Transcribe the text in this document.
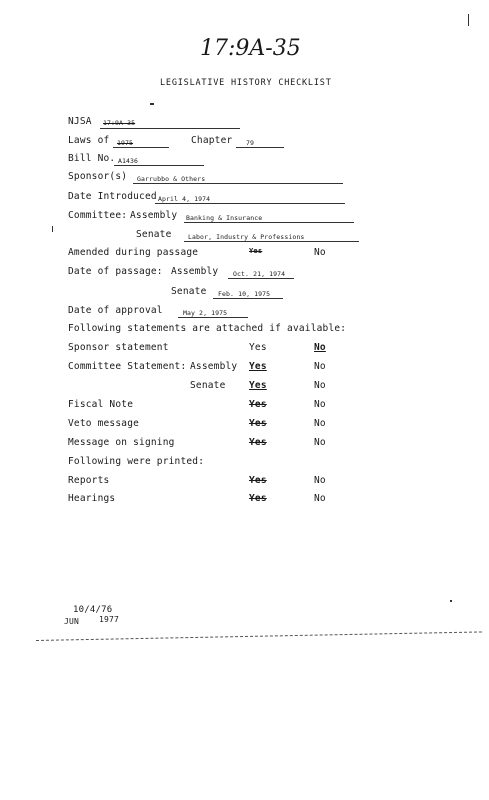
17:9A-35
LEGISLATIVE HISTORY CHECKLIST
NJSA 17:9A-35
Laws of 1975	Chapter 79
Bill No. A1436
Sponsor(s) Garrubbo & Others
Date Introduced April 4, 1974
Committee: Assembly Banking & Insurance
Senate	Labor, Industry & Professions
Amended during passage	Yes	No
Date of passage: Assembly Oct. 21, 1974
Senate Feb. 10, 1975
Date of approval	May 2, 1975
Following statements are attached if available:
Sponsor statement	Yes	No
Committee Statement: Assembly Yes	No
Senate Yes	No
Fiscal Note	Yes	No
Veto message	Yes	No
Message on signing	Yes	No
Following were printed:
Reports	Yes	No
Hearings	Yes	No
10/4/76
JUN 1977
